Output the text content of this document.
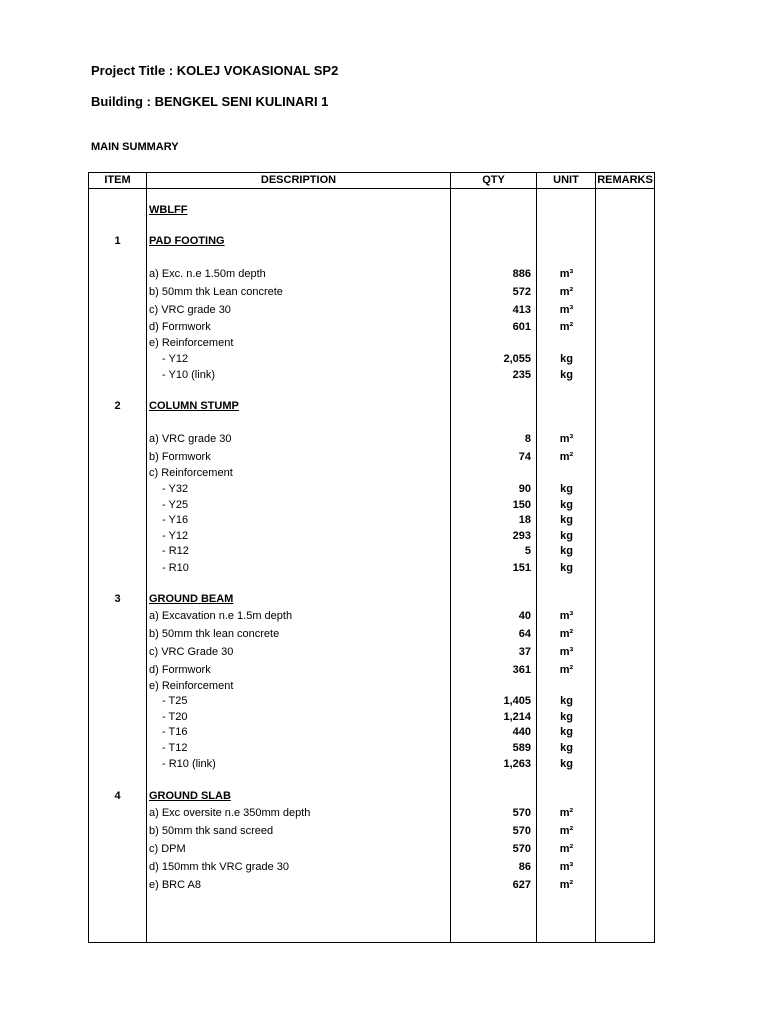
Project Title : KOLEJ VOKASIONAL SP2
Building : BENGKEL SENI KULINARI 1
MAIN SUMMARY
ITEM	DESCRIPTION	QTY	UNIT	REMARKS
WBLFF
1	PAD FOOTING
a) Exc. n.e 1.50m depth	886	m³
b) 50mm thk Lean concrete	572	m²
c) VRC grade 30	413	m³
d) Formwork	601	m²
e) Reinforcement
- Y12	2,055	kg
- Y10 (link)	235	kg
2	COLUMN STUMP
a) VRC grade 30	8	m³
b) Formwork	74	m²
c) Reinforcement
- Y32	90	kg
- Y25	150	kg
- Y16	18	kg
- Y12	293	kg
- R12	5	kg
- R10	151	kg
3	GROUND BEAM
a) Excavation n.e 1.5m depth	40	m³
b) 50mm thk lean concrete	64	m²
c) VRC Grade 30	37	m³
d) Formwork	361	m²
e) Reinforcement
- T25	1,405	kg
- T20	1,214	kg
- T16	440	kg
- T12	589	kg
- R10 (link)	1,263	kg
4	GROUND SLAB
a) Exc oversite n.e 350mm depth	570	m²
b) 50mm thk sand screed	570	m²
c) DPM	570	m²
d) 150mm thk VRC grade 30	86	m³
e) BRC A8	627	m²
